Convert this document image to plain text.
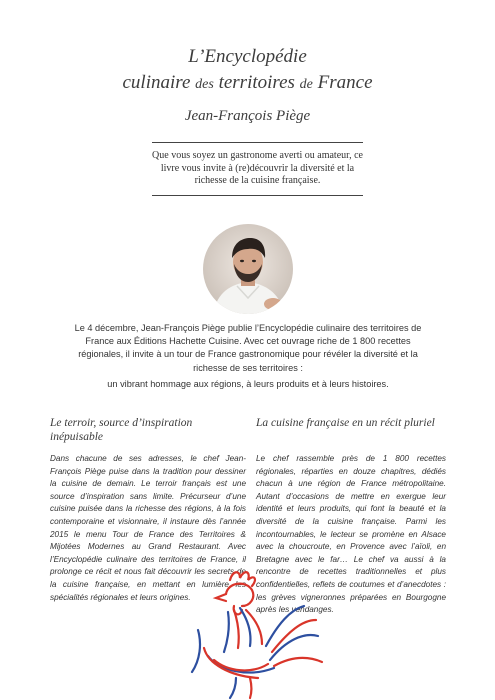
L’Encyclopédie
culinaire des territoires de France
Jean-François Piège

Que vous soyez un gastronome averti ou amateur, ce livre vous invite à (re)découvrir la diversité et la richesse de la cuisine française.

Le 4 décembre, Jean-François Piège publie l’Encyclopédie culinaire des territoires de France aux Éditions Hachette Cuisine. Avec cet ouvrage riche de 1 800 recettes régionales, il invite à un tour de France gastronomique pour révéler la diversité et la richesse de ses territoires :

un vibrant hommage aux régions, à leurs produits et à leurs histoires.

Le terroir, source d’inspiration inépuisable
La cuisine française en un récit pluriel

Dans chacune de ses adresses, le chef Jean-François Piège puise dans la tradition pour dessiner la cuisine de demain. Le terroir français est une source d’inspiration sans limite. Précurseur d’une cuisine puisée dans la richesse des régions, à la fois contemporaine et visionnaire, il instaure dès l’année 2015 le menu Tour de France des Territoires & Mijotées Modernes au Grand Restaurant. Avec l’Encyclopédie culinaire des territoires de France, il prolonge ce récit et nous fait découvrir les secrets de la cuisine française, en mettant en lumière les spécialités régionales et leurs origines.

Le chef rassemble près de 1 800 recettes régionales, réparties en douze chapitres, dédiés chacun à une région de France métropolitaine. Autant d’occasions de mettre en exergue leur identité et leurs produits, qui font la beauté et la diversité de la cuisine française. Parmi les incontournables, le lecteur se promène en Alsace avec la choucroute, en Provence avec l’aïoli, en Bretagne avec le far… Le chef va aussi à la rencontre de recettes traditionnelles et plus confidentielles, reflets de coutumes et d’anecdotes : les grèves vigneronnes préparées en Bourgogne après les vendanges.
